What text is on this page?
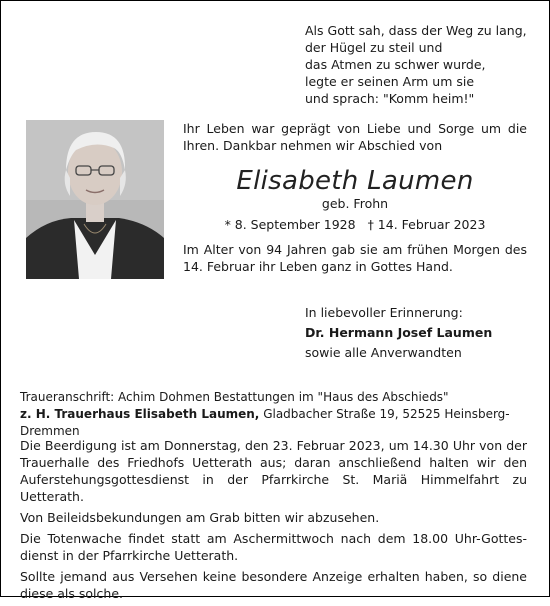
Als Gott sah, dass der Weg zu lang,
der Hügel zu steil und
das Atmen zu schwer wurde,
legte er seinen Arm um sie
und sprach: "Komm heim!"
Ihr Leben war geprägt von Liebe und Sorge um die Ihren. Dankbar nehmen wir Abschied von
Elisabeth Laumen
geb. Frohn
* 8. September 1928 † 14. Februar 2023
Im Alter von 94 Jahren gab sie am frühen Morgen des 14. Februar ihr Leben ganz in Gottes Hand.
In liebevoller Erinnerung:
Dr. Hermann Josef Laumen
sowie alle Anverwandten
Traueranschrift: Achim Dohmen Bestattungen im "Haus des Abschieds"
z. H. Trauerhaus Elisabeth Laumen, Gladbacher Straße 19, 52525 Heinsberg-Dremmen

Die Beerdigung ist am Donnerstag, den 23. Februar 2023, um 14.30 Uhr von der Trauerhalle des Friedhofs Uetterath aus; daran anschließend halten wir den Auferstehungsgottesdienst in der Pfarrkirche St. Mariä Himmelfahrt zu Uetterath.

Von Beileidsbekundungen am Grab bitten wir abzusehen.

Die Totenwache findet statt am Aschermittwoch nach dem 18.00 Uhr-Gottesdienst in der Pfarrkirche Uetterath.

Sollte jemand aus Versehen keine besondere Anzeige erhalten haben, so diene diese als solche.
